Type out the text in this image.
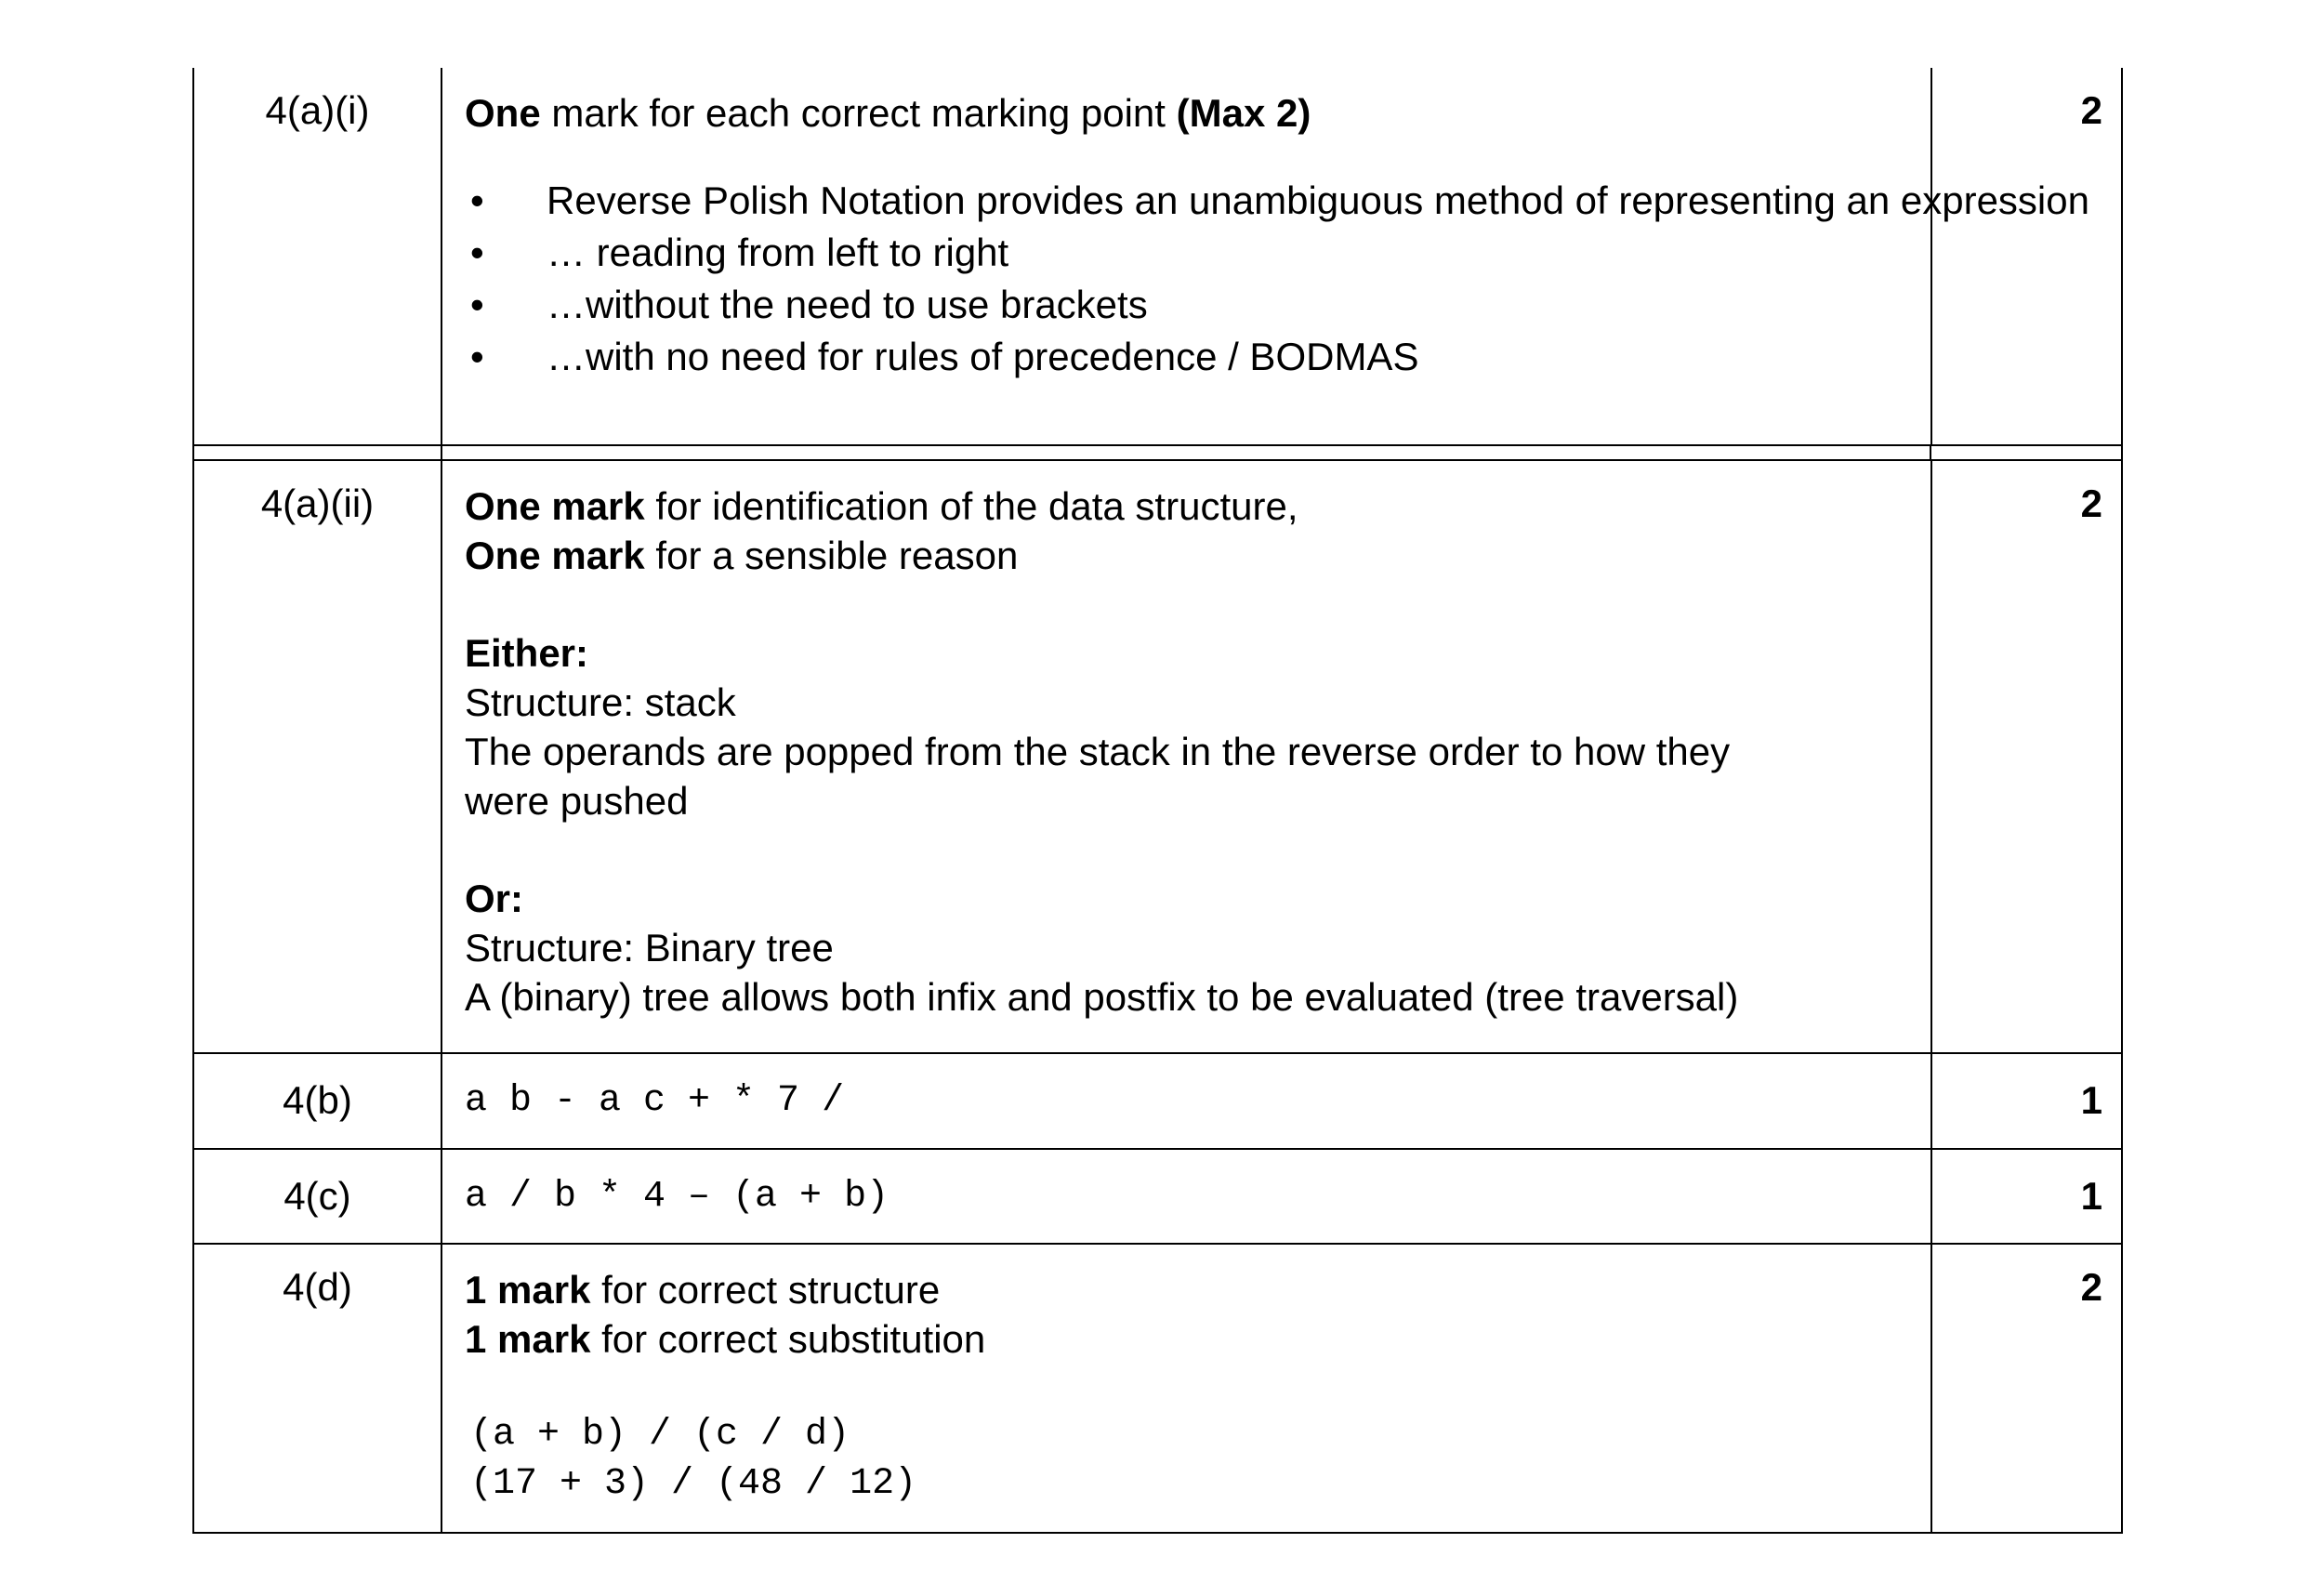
4(a)(i)	One mark for each correct marking point (Max 2)
• Reverse Polish Notation provides an unambiguous method of representing an expression
• … reading from left to right
• …without the need to use brackets
• …with no need for rules of precedence / BODMAS
2
4(a)(ii)	One mark for identification of the data structure,
One mark for a sensible reason
Either:
Structure: stack
The operands are popped from the stack in the reverse order to how they
were pushed
Or:
Structure: Binary tree
A (binary) tree allows both infix and postfix to be evaluated (tree traversal)
2
4(b)	a b - a c + * 7 /	1
4(c)	a / b * 4 – (a + b)	1
4(d)	1 mark for correct structure
1 mark for correct substitution
(a + b) / (c / d)
(17 + 3) / (48 / 12)
2
